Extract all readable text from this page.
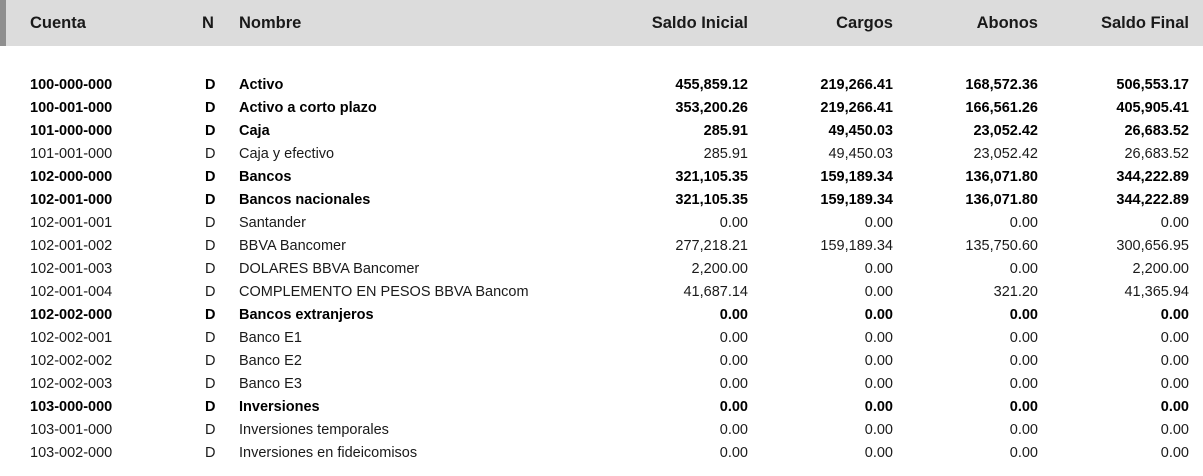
Cuenta	N	Nombre	Saldo Inicial	Cargos	Abonos	Saldo Final

100-000-000	D	Activo	455,859.12	219,266.41	168,572.36	506,553.17
100-001-000	D	Activo a corto plazo	353,200.26	219,266.41	166,561.26	405,905.41
101-000-000	D	Caja	285.91	49,450.03	23,052.42	26,683.52
101-001-000	D	Caja y efectivo	285.91	49,450.03	23,052.42	26,683.52
102-000-000	D	Bancos	321,105.35	159,189.34	136,071.80	344,222.89
102-001-000	D	Bancos nacionales	321,105.35	159,189.34	136,071.80	344,222.89
102-001-001	D	Santander	0.00	0.00	0.00	0.00
102-001-002	D	BBVA Bancomer	277,218.21	159,189.34	135,750.60	300,656.95
102-001-003	D	DOLARES BBVA Bancomer	2,200.00	0.00	0.00	2,200.00
102-001-004	D	COMPLEMENTO EN PESOS BBVA Bancom	41,687.14	0.00	321.20	41,365.94
102-002-000	D	Bancos extranjeros	0.00	0.00	0.00	0.00
102-002-001	D	Banco E1	0.00	0.00	0.00	0.00
102-002-002	D	Banco E2	0.00	0.00	0.00	0.00
102-002-003	D	Banco E3	0.00	0.00	0.00	0.00
103-000-000	D	Inversiones	0.00	0.00	0.00	0.00
103-001-000	D	Inversiones temporales	0.00	0.00	0.00	0.00
103-002-000	D	Inversiones en fideicomisos	0.00	0.00	0.00	0.00
